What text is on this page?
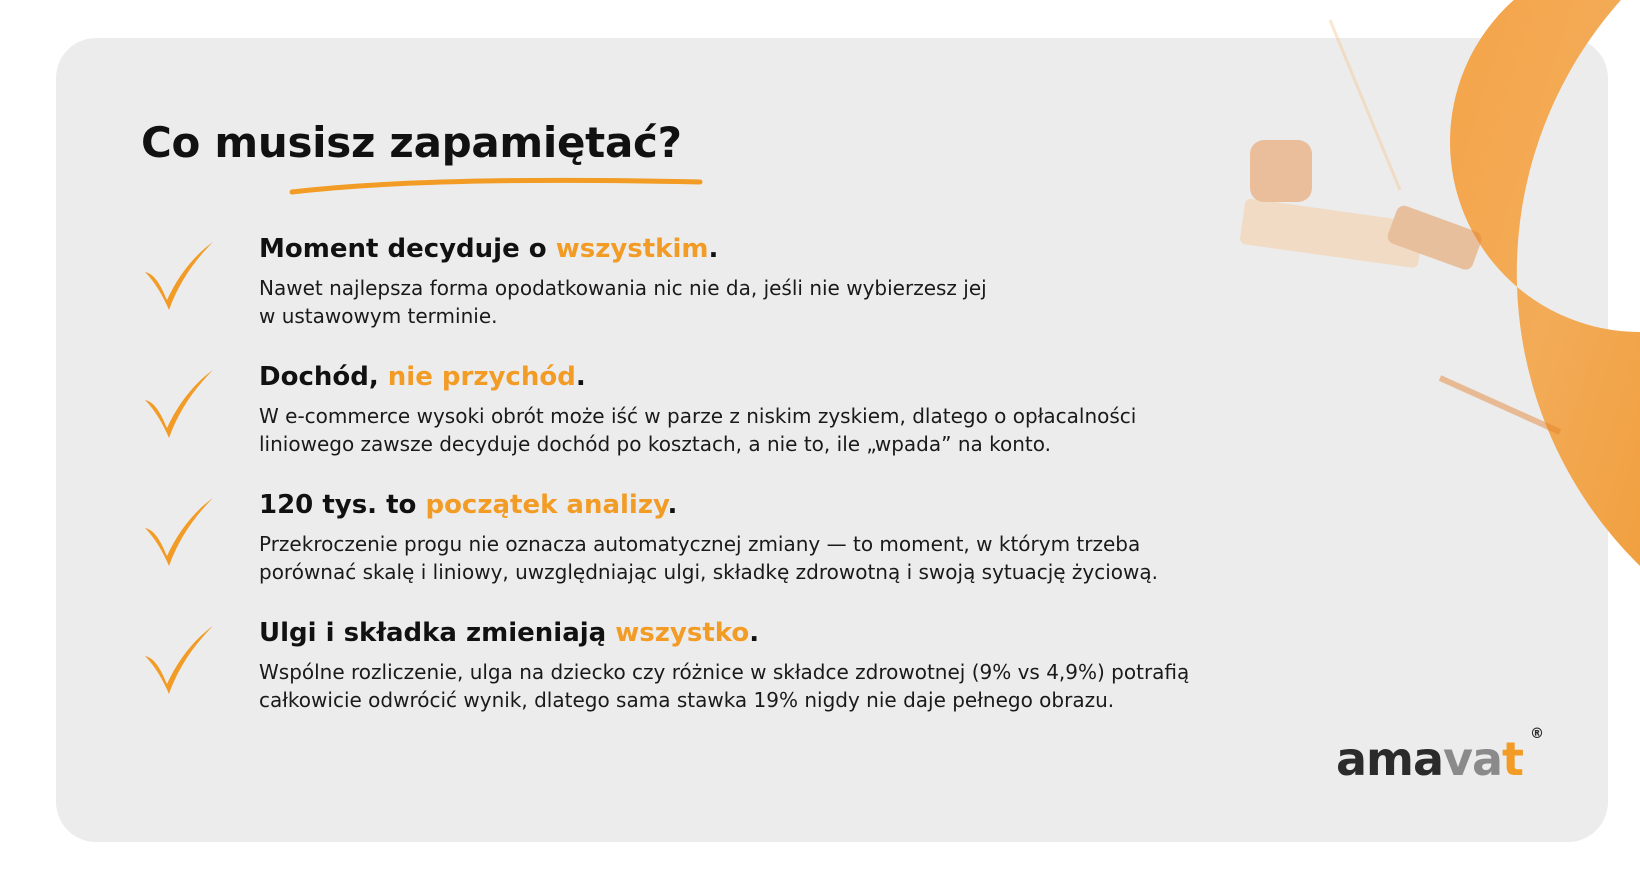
Co musisz zapamiętać?
Moment decyduje o wszystkim.

Nawet najlepsza forma opodatkowania nic nie da, jeśli nie wybierzesz jej
w ustawowym terminie.

Dochód, nie przychód.

W e-commerce wysoki obrót może iść w parze z niskim zyskiem, dlatego o opłacalności
liniowego zawsze decyduje dochód po kosztach, a nie to, ile „wpada” na konto.

120 tys. to początek analizy.

Przekroczenie progu nie oznacza automatycznej zmiany — to moment, w którym trzeba
porównać skalę i liniowy, uwzględniając ulgi, składkę zdrowotną i swoją sytuację życiową.

Ulgi i składka zmieniają wszystko.

Wspólne rozliczenie, ulga na dziecko czy różnice w składce zdrowotnej (9% vs 4,9%) potrafią
całkowicie odwrócić wynik, dlatego sama stawka 19% nigdy nie daje pełnego obrazu.

amavat ®
